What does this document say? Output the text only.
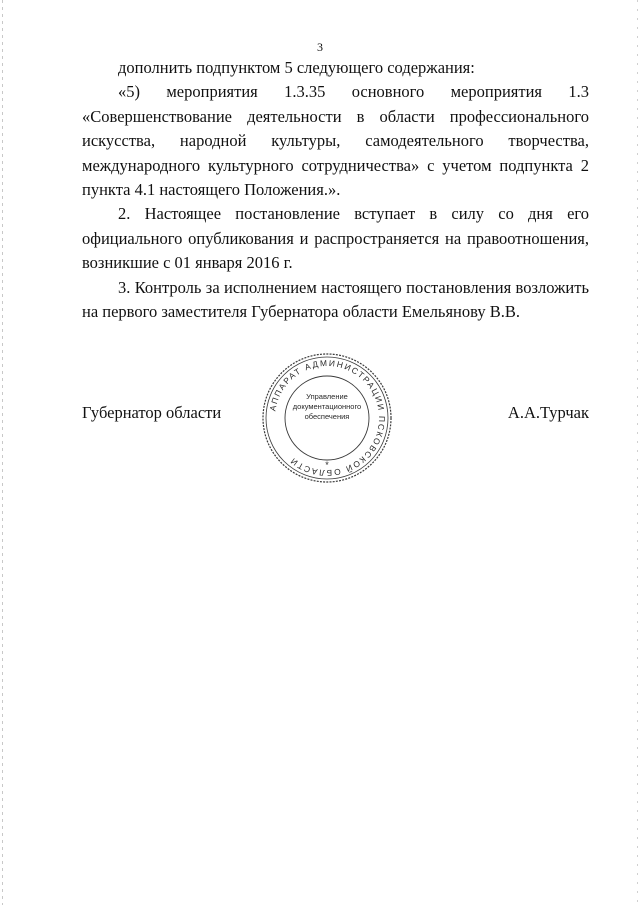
3

дополнить подпунктом 5 следующего содержания:

«5) мероприятия 1.3.35 основного мероприятия 1.3 «Совершенствование деятельности в области профессионального искусства, народной культуры, самодеятельного творчества, международного культурного сотрудничества» с учетом подпункта 2 пункта 4.1 настоящего Положения.».

2. Настоящее постановление вступает в силу со дня его официального опубликования и распространяется на правоотношения, возникшие с 01 января 2016 г.

3. Контроль за исполнением настоящего постановления возложить на первого заместителя Губернатора области Емельянову В.В.

Губернатор области	А.А.Турчак
АППАРАТ АДМИНИСТРАЦИИ ПСКОВСКОЙ ОБЛАСТИ	*
Управление
документационного
обеспечения
